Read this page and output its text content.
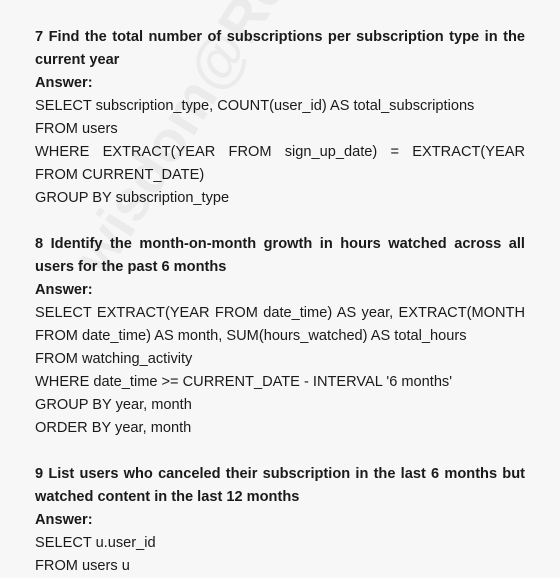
7 Find the total number of subscriptions per subscription type in the current year

Answer:

SELECT subscription_type, COUNT(user_id) AS total_subscriptions

FROM users

WHERE EXTRACT(YEAR FROM sign_up_date) = EXTRACT(YEAR FROM CURRENT_DATE)

GROUP BY subscription_type

8 Identify the month-on-month growth in hours watched across all users for the past 6 months

Answer:

SELECT EXTRACT(YEAR FROM date_time) AS year, EXTRACT(MONTH FROM date_time) AS month, SUM(hours_watched) AS total_hours

FROM watching_activity

WHERE date_time >= CURRENT_DATE - INTERVAL '6 months'

GROUP BY year, month

ORDER BY year, month

9 List users who canceled their subscription in the last 6 months but watched content in the last 12 months

Answer:

SELECT u.user_id

FROM users u
